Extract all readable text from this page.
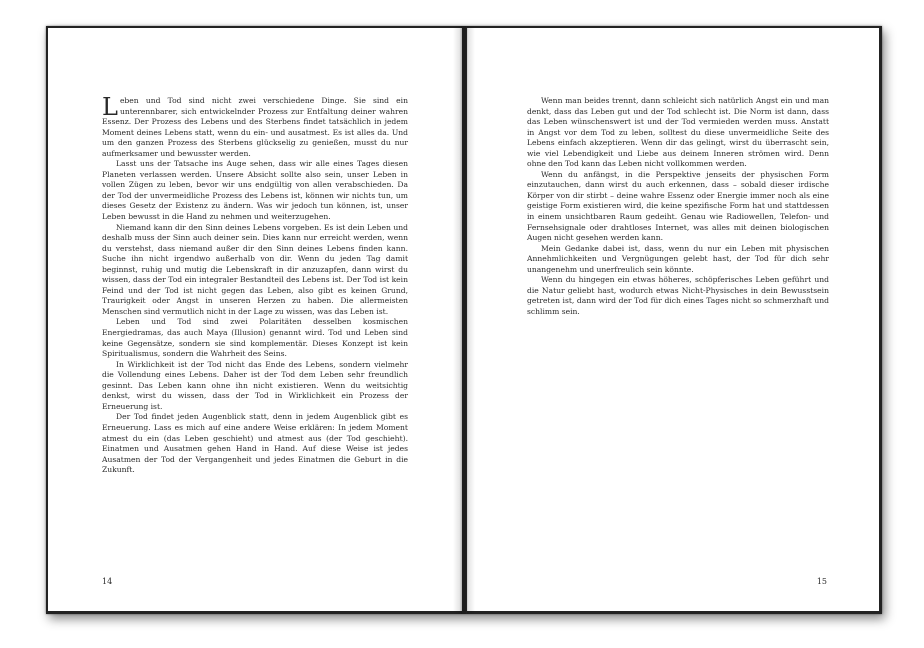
Leben und Tod sind nicht zwei verschiedene Dinge. Sie sind ein unterennbarer, sich entwickelnder Prozess zur Entfaltung deiner wahren Essenz. Der Prozess des Lebens und des Sterbens findet tatsächlich in jedem Moment deines Lebens statt, wenn du ein- und ausatmest. Es ist alles da. Und um den ganzen Prozess des Sterbens glückselig zu genießen, musst du nur aufmerksamer und bewusster werden.

Lasst uns der Tatsache ins Auge sehen, dass wir alle eines Tages diesen Planeten verlassen werden. Unsere Absicht sollte also sein, unser Leben in vollen Zügen zu leben, bevor wir uns endgültig von allen verabschieden. Da der Tod der unvermeidliche Prozess des Lebens ist, können wir nichts tun, um dieses Gesetz der Existenz zu ändern. Was wir jedoch tun können, ist, unser Leben bewusst in die Hand zu nehmen und weiterzugehen.

Niemand kann dir den Sinn deines Lebens vorgeben. Es ist dein Leben und deshalb muss der Sinn auch deiner sein. Dies kann nur erreicht werden, wenn du verstehst, dass niemand außer dir den Sinn deines Lebens finden kann. Suche ihn nicht irgendwo außerhalb von dir. Wenn du jeden Tag damit beginnst, ruhig und mutig die Lebenskraft in dir anzuzapfen, dann wirst du wissen, dass der Tod ein integraler Bestandteil des Lebens ist. Der Tod ist kein Feind und der Tod ist nicht gegen das Leben, also gibt es keinen Grund, Traurigkeit oder Angst in unseren Herzen zu haben. Die allermeisten Menschen sind vermutlich nicht in der Lage zu wissen, was das Leben ist.

Leben und Tod sind zwei Polaritäten desselben kosmischen Energiedramas, das auch Maya (Illusion) genannt wird. Tod und Leben sind keine Gegensätze, sondern sie sind komplementär. Dieses Konzept ist kein Spiritualismus, sondern die Wahrheit des Seins.

In Wirklichkeit ist der Tod nicht das Ende des Lebens, sondern vielmehr die Vollendung eines Lebens. Daher ist der Tod dem Leben sehr freundlich gesinnt. Das Leben kann ohne ihn nicht existieren. Wenn du weitsichtig denkst, wirst du wissen, dass der Tod in Wirklichkeit ein Prozess der Erneuerung ist.

Der Tod findet jeden Augenblick statt, denn in jedem Augenblick gibt es Erneuerung. Lass es mich auf eine andere Weise erklären: In jedem Moment atmest du ein (das Leben geschieht) und atmest aus (der Tod geschieht). Einatmen und Ausatmen gehen Hand in Hand. Auf diese Weise ist jedes Ausatmen der Tod der Vergangenheit und jedes Einatmen die Geburt in die Zukunft.

14

Wenn man beides trennt, dann schleicht sich natürlich Angst ein und man denkt, dass das Leben gut und der Tod schlecht ist. Die Norm ist dann, dass das Leben wünschenswert ist und der Tod vermieden werden muss. Anstatt in Angst vor dem Tod zu leben, solltest du diese unvermeidliche Seite des Lebens einfach akzeptieren. Wenn dir das gelingt, wirst du überrascht sein, wie viel Lebendigkeit und Liebe aus deinem Inneren strömen wird. Denn ohne den Tod kann das Leben nicht vollkommen werden.

Wenn du anfängst, in die Perspektive jenseits der physischen Form einzutauchen, dann wirst du auch erkennen, dass – sobald dieser irdische Körper von dir stirbt – deine wahre Essenz oder Energie immer noch als eine geistige Form existieren wird, die keine spezifische Form hat und stattdessen in einem unsichtbaren Raum gedeiht. Genau wie Radiowellen, Telefon- und Fernsehsignale oder drahtloses Internet, was alles mit deinen biologischen Augen nicht gesehen werden kann.

Mein Gedanke dabei ist, dass, wenn du nur ein Leben mit physischen Annehmlichkeiten und Vergnügungen gelebt hast, der Tod für dich sehr unangenehm und unerfreulich sein könnte.

Wenn du hingegen ein etwas höheres, schöpferisches Leben geführt und die Natur geliebt hast, wodurch etwas Nicht-Physisches in dein Bewusstsein getreten ist, dann wird der Tod für dich eines Tages nicht so schmerzhaft und schlimm sein.

15
